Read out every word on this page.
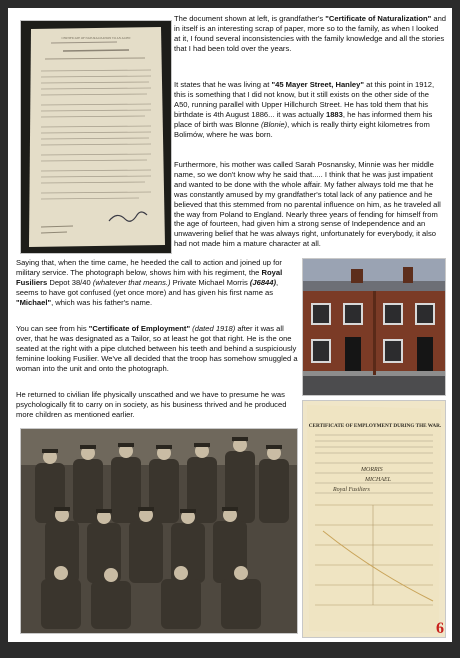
CERTIFICATE OF NATURALIZATION TO AN ALIEN

The document shown at left, is grandfather's "Certificate of Naturalization" and in itself is an interesting scrap of paper, more so to the family, as when I looked at it, I found several inconsistencies with the family knowledge and all the stories that I had been told over the years.

It states that he was living at "45 Mayer Street, Hanley" at this point in 1912, this is something that I did not know, but it still exists on the other side of the A50, running parallel with Upper Hillchurch Street. He has told them that his birthdate is 4th August 1886... it was actually 1883, he has informed them his place of birth was Blonne (Blonie), which is really thirty eight kilometres from Bolimów, where he was born.

Furthermore, his mother was called Sarah Posnansky, Minnie was her middle name, so we don't know why he said that..... I think that he was just impatient and wanted to be done with the whole affair. My father always told me that he was constantly amused by my grandfather's total lack of any patience and he believed that this stemmed from no parental influence on him, as he traveled all the way from Poland to England. Nearly three years of fending for himself from the age of fourteen, had given him a strong sense of Independence and an unwavering belief that he was always right, unfortunately for everybody, it also had not made him a mature character at all.

Saying that, when the time came, he heeded the call to action and joined up for military service. The photograph below, shows him with his regiment, the Royal Fusiliers Depot 38/40 (whatever that means.) Private Michael Morris (J6844), seems to have got confused (yet once more) and has given his first name as "Michael", which was his father's name.

You can see from his "Certificate of Employment" (dated 1918) after it was all over, that he was designated as a Tailor, so at least he got that right. He is the one seated at the right with a pipe clutched between his teeth and behind a suspiciously feminine looking Fusilier. We've all decided that the troop has somehow smuggled a woman into the unit and onto the photograph.

He returned to civilian life physically unscathed and we have to presume he was psychologically fit to carry on in society, as his business thrived and he produced more children as mentioned earlier.

CERTIFICATE OF EMPLOYMENT DURING THE WAR.
MORRIS
MICHAEL
Royal Fusiliers
6
